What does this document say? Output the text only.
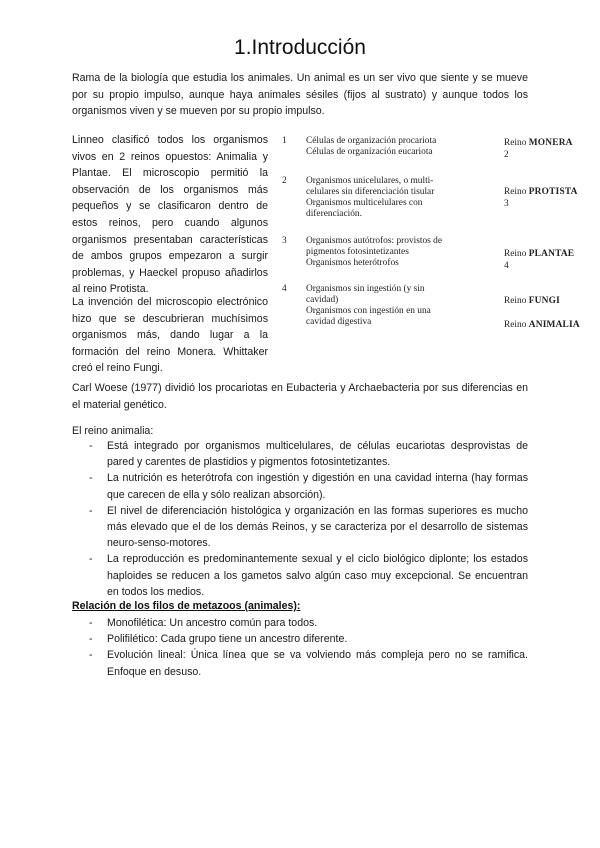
1.Introducción
Rama de la biología que estudia los animales. Un animal es un ser vivo que siente y se mueve por su propio impulso, aunque haya animales sésiles (fijos al sustrato) y aunque todos los organismos viven y se mueven por su propio impulso.
Linneo clasificó todos los organismos vivos en 2 reinos opuestos: Animalia y Plantae. El microscopio permitió la observación de los organismos más pequeños y se clasificaron dentro de estos reinos, pero cuando algunos organismos presentaban características de ambos grupos empezaron a surgir problemas, y Haeckel propuso añadirlos al reino Protista.
La invención del microscopio electrónico hizo que se descubrieran muchísimos organismos más, dando lugar a la formación del reino Monera. Whittaker creó el reino Fungi.
1 Células de organización procariota
Células de organización eucariota
Reino MONERA
2
2 Organismos unicelulares, o multi-
celulares sin diferenciación tisular
Organismos multicelulares con
diferenciación.
Reino PROTISTA
3
3 Organismos autótrofos: provistos de
pigmentos fotosintetizantes
Organismos heterótrofos
Reino PLANTAE
4
4 Organismos sin ingestión (y sin
cavidad)
Organismos con ingestión en una
cavidad digestiva
Reino FUNGI
Reino ANIMALIA
Carl Woese (1977) dividió los procariotas en Eubacteria y Archaebacteria por sus diferencias en el material genético.
El reino animalia:
- Está integrado por organismos multicelulares, de células eucariotas desprovistas de pared y carentes de plastidios y pigmentos fotosintetizantes.
- La nutrición es heterótrofa con ingestión y digestión en una cavidad interna (hay formas que carecen de ella y sólo realizan absorción).
- El nivel de diferenciación histológica y organización en las formas superiores es mucho más elevado que el de los demás Reinos, y se caracteriza por el desarrollo de sistemas neuro-senso-motores.
- La reproducción es predominantemente sexual y el ciclo biológico diplonte; los estados haploides se reducen a los gametos salvo algún caso muy excepcional. Se encuentran en todos los medios.
Relación de los filos de metazoos (animales):
- Monofilética: Un ancestro común para todos.
- Polifilético: Cada grupo tiene un ancestro diferente.
- Evolución lineal: Única línea que se va volviendo más compleja pero no se ramifica. Enfoque en desuso.
